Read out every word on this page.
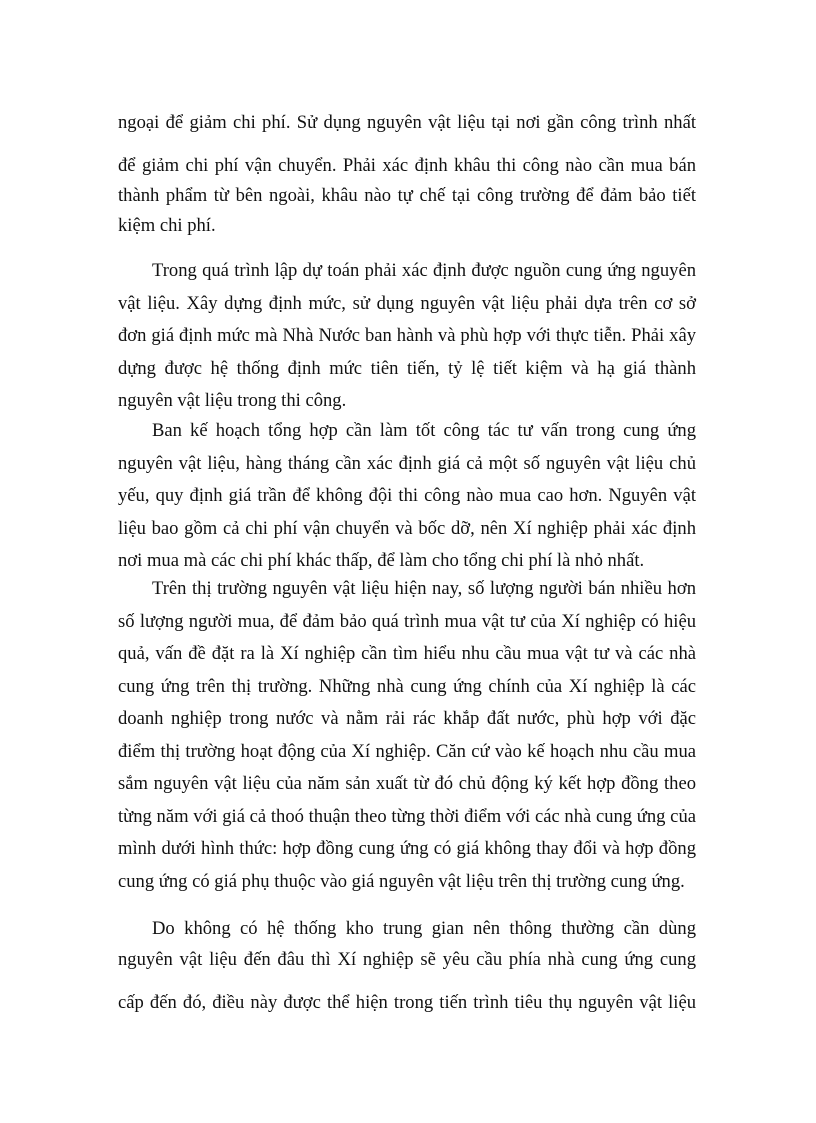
ngoại để giảm chi phí. Sử dụng nguyên vật liệu tại nơi gần công trình nhất

để giảm chi phí vận chuyển. Phải xác định khâu thi công nào cần mua bán

thành phẩm từ bên ngoài, khâu nào tự chế tại công trường để đảm bảo tiết

kiệm chi phí.

Trong quá trình lập dự toán phải xác định được nguồn cung ứng nguyên vật liệu. Xây dựng định mức, sử dụng nguyên vật liệu phải dựa trên cơ sở đơn giá định mức mà Nhà Nước ban hành và phù hợp với thực tiễn. Phải xây dựng được hệ thống định mức tiên tiến, tỷ lệ tiết kiệm và hạ giá thành nguyên vật liệu trong thi công.

Ban kế hoạch tổng hợp cần làm tốt công tác tư vấn trong cung ứng nguyên vật liệu, hàng tháng cần xác định giá cả một số nguyên vật liệu chủ yếu, quy định giá trần để không đội thi công nào mua cao hơn. Nguyên vật liệu bao gồm cả chi phí vận chuyển và bốc dỡ, nên Xí nghiệp phải xác định nơi mua mà các chi phí khác thấp, để làm cho tổng chi phí là nhỏ nhất.

Trên thị trường nguyên vật liệu hiện nay, số lượng người bán nhiều hơn số lượng người mua, để đảm bảo quá trình mua vật tư của Xí nghiệp có hiệu quả, vấn đề đặt ra là Xí nghiệp cần tìm hiểu nhu cầu mua vật tư và các nhà cung ứng trên thị trường. Những nhà cung ứng chính của Xí nghiệp là các doanh nghiệp trong nước và nằm rải rác khắp đất nước, phù hợp với đặc điểm thị trường hoạt động của Xí nghiệp. Căn cứ vào kế hoạch nhu cầu mua sắm nguyên vật liệu của năm sản xuất từ đó chủ động ký kết hợp đồng theo từng năm với giá cả thoó thuận theo từng thời điểm với các nhà cung ứng của mình dưới hình thức: hợp đồng cung ứng có giá không thay đổi và hợp đồng cung ứng có giá phụ thuộc vào giá nguyên vật liệu trên thị trường cung ứng.

Do không có hệ thống kho trung gian nên thông thường cần dùng

nguyên vật liệu đến đâu thì Xí nghiệp sẽ yêu cầu phía nhà cung ứng cung

cấp đến đó, điều này được thể hiện trong tiến trình tiêu thụ nguyên vật liệu
